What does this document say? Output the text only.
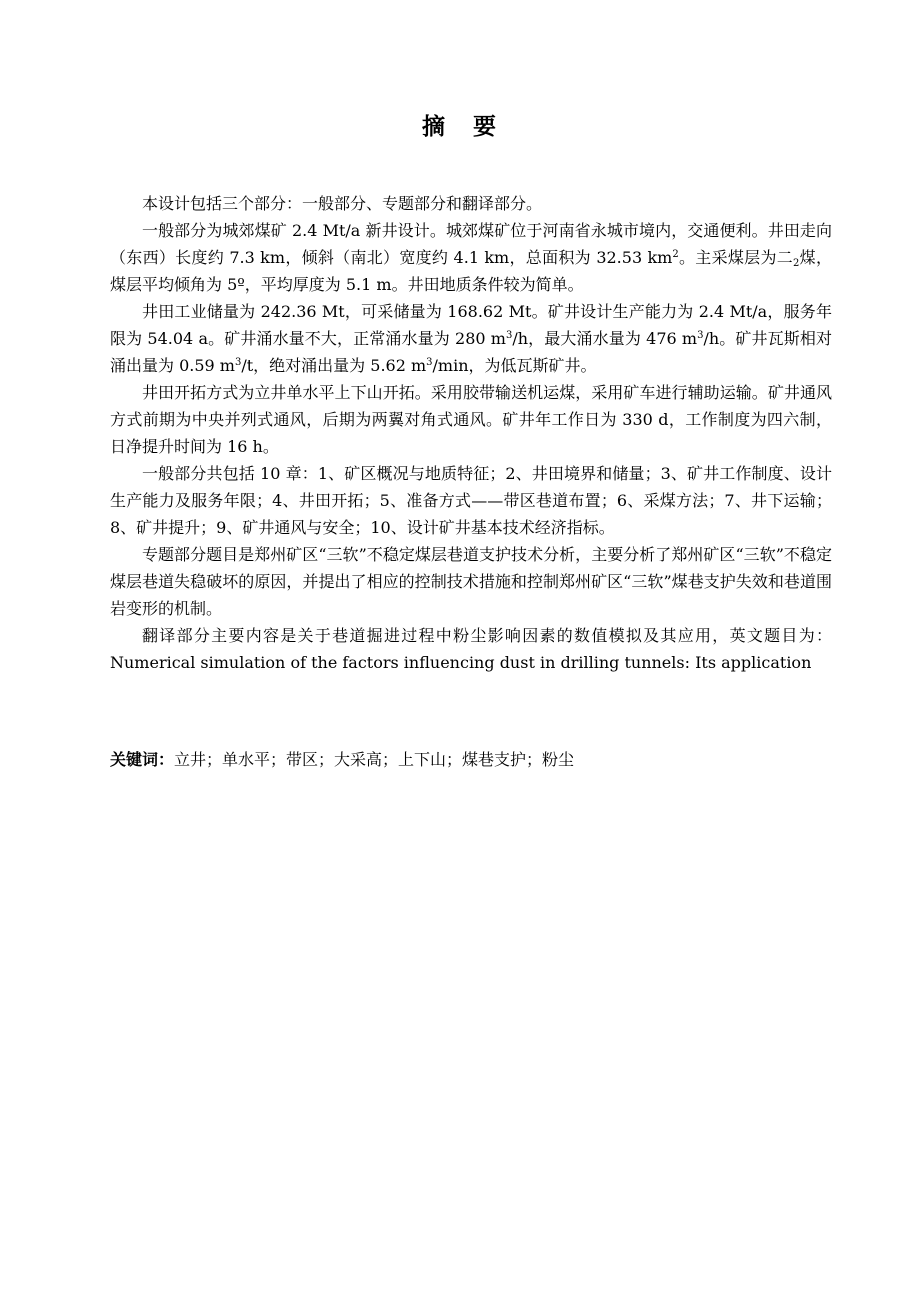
摘 要

本设计包括三个部分：一般部分、专题部分和翻译部分。

一般部分为城郊煤矿 2.4 Mt/a 新井设计。城郊煤矿位于河南省永城市境内，交通便利。井田走向（东西）长度约 7.3 km，倾斜（南北）宽度约 4.1 km，总面积为 32.53 $km^2$。主采煤层为二$_2$煤，煤层平均倾角为 5º，平均厚度为 5.1 m。井田地质条件较为简单。

井田工业储量为 242.36 Mt，可采储量为 168.62 Mt。矿井设计生产能力为 2.4 Mt/a，服务年限为 54.04 a。矿井涌水量不大，正常涌水量为 280 $m^3/h$，最大涌水量为 476 $m^3/h$。矿井瓦斯相对涌出量为 0.59 $m^3/t$，绝对涌出量为 5.62 $m^3/\min$，为低瓦斯矿井。

井田开拓方式为立井单水平上下山开拓。采用胶带输送机运煤，采用矿车进行辅助运输。矿井通风方式前期为中央并列式通风，后期为两翼对角式通风。矿井年工作日为 330 d，工作制度为四六制，日净提升时间为 16 h。

一般部分共包括 10 章：1、矿区概况与地质特征；2、井田境界和储量；3、矿井工作制度、设计生产能力及服务年限；4、井田开拓；5、准备方式——带区巷道布置；6、采煤方法；7、井下运输；8、矿井提升；9、矿井通风与安全；10、设计矿井基本技术经济指标。

专题部分题目是郑州矿区“三软”不稳定煤层巷道支护技术分析，主要分析了郑州矿区“三软”不稳定煤层巷道失稳破坏的原因，并提出了相应的控制技术措施和控制郑州矿区“三软”煤巷支护失效和巷道围岩变形的机制。

翻译部分主要内容是关于巷道掘进过程中粉尘影响因素的数值模拟及其应用，英文题目为：Numerical simulation of the factors influencing dust in drilling tunnels: Its application

关键词：立井；单水平；带区；大采高；上下山；煤巷支护；粉尘
